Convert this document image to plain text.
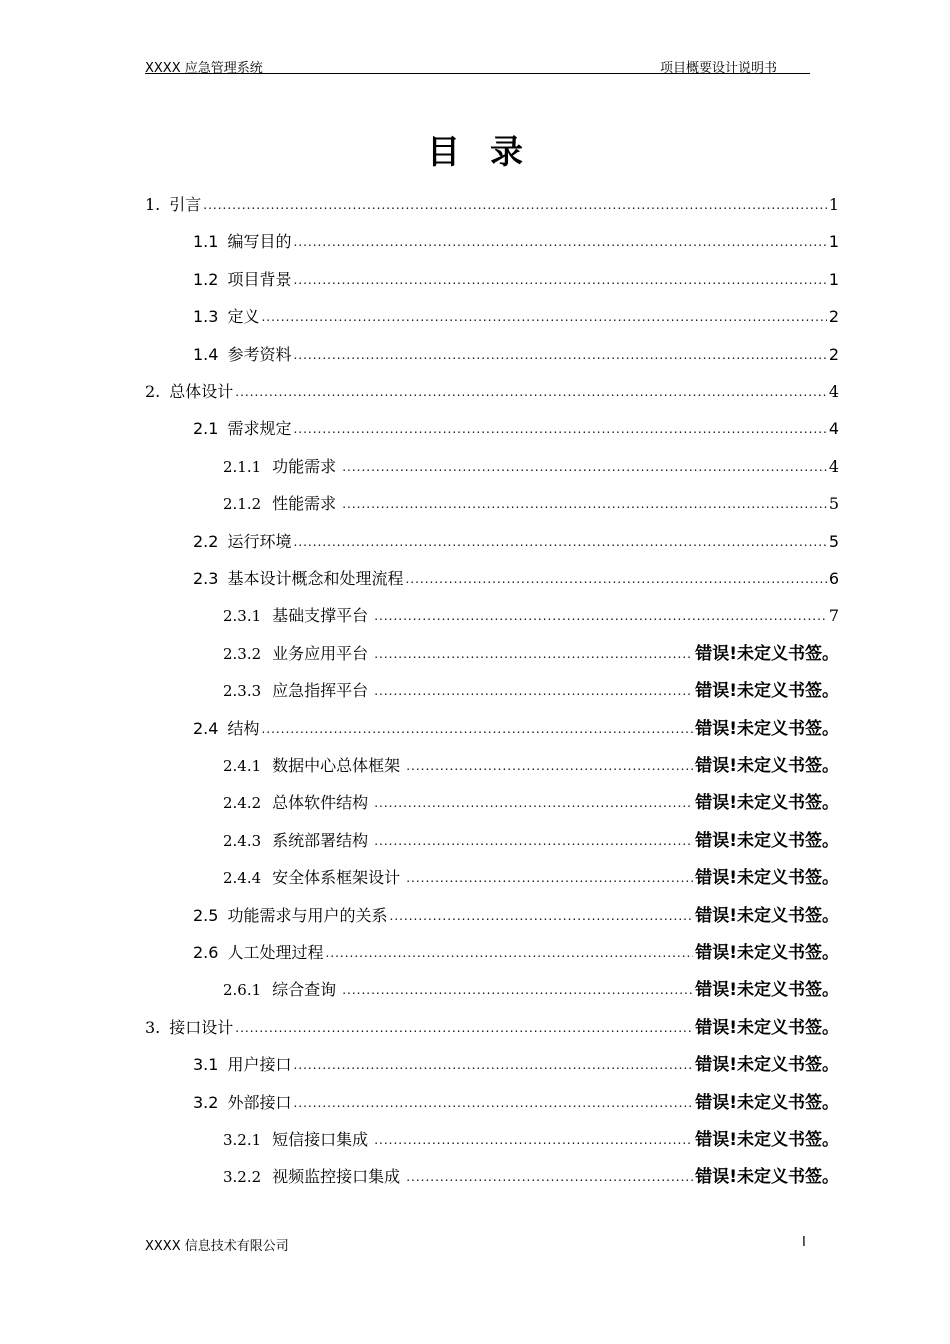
XXXX 应急管理系统	项目概要设计说明书
目录
1. 引言 .....	1
1.1 编写目的 .....	1
1.2 项目背景 .....	1
1.3 定义 .....	2
1.4 参考资料 .....	2
2. 总体设计 .....	4
2.1 需求规定 .....	4
2.1.1 功能需求 .....	4
2.1.2 性能需求 .....	5
2.2 运行环境 .....	5
2.3 基本设计概念和处理流程 .....	6
2.3.1 基础支撑平台 .....	7
2.3.2 业务应用平台 .....	错误!未定义书签。
2.3.3 应急指挥平台 .....	错误!未定义书签。
2.4 结构 .....	错误!未定义书签。
2.4.1 数据中心总体框架 .....	错误!未定义书签。
2.4.2 总体软件结构 .....	错误!未定义书签。
2.4.3 系统部署结构 .....	错误!未定义书签。
2.4.4 安全体系框架设计 .....	错误!未定义书签。
2.5 功能需求与用户的关系 .....	错误!未定义书签。
2.6 人工处理过程 .....	错误!未定义书签。
2.6.1 综合查询 .....	错误!未定义书签。
3. 接口设计 .....	错误!未定义书签。
3.1 用户接口 .....	错误!未定义书签。
3.2 外部接口 .....	错误!未定义书签。
3.2.1 短信接口集成 .....	错误!未定义书签。
3.2.2 视频监控接口集成 .....	错误!未定义书签。
XXXX 信息技术有限公司	I
